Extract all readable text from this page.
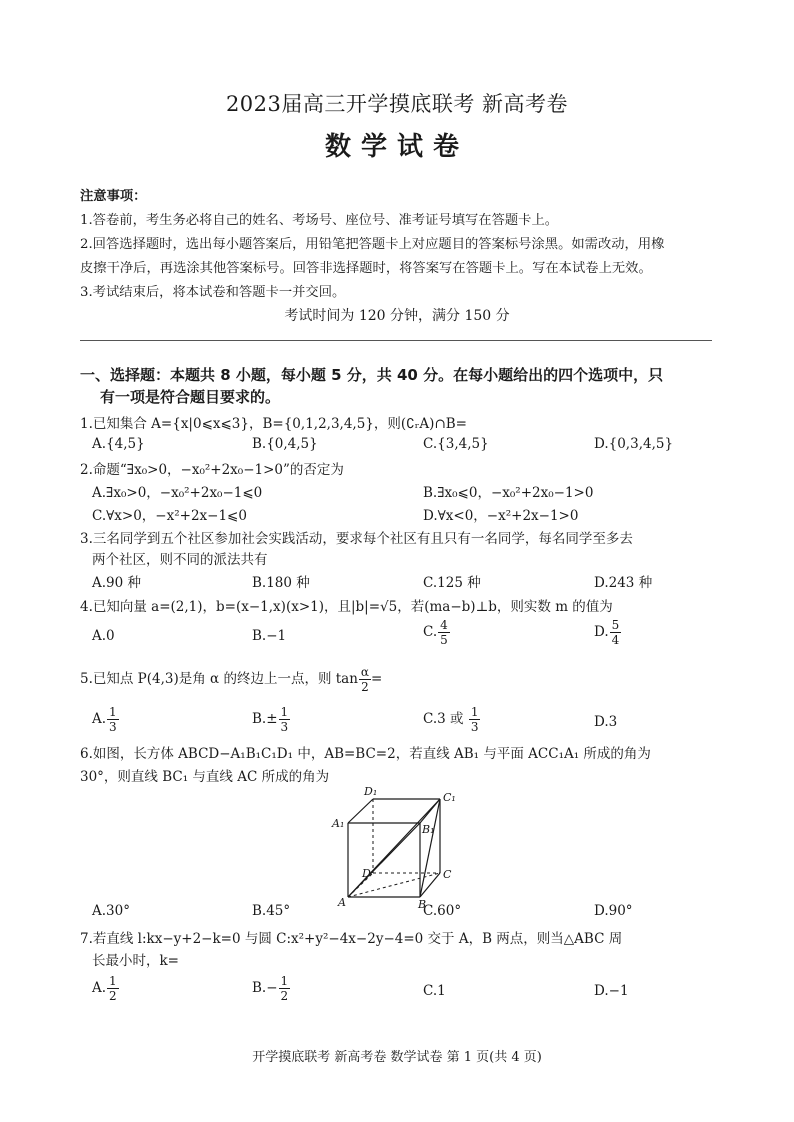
2023届高三开学摸底联考 新高考卷
数学试卷
注意事项：
1.答卷前，考生务必将自己的姓名、考场号、座位号、准考证号填写在答题卡上。
2.回答选择题时，选出每小题答案后，用铅笔把答题卡上对应题目的答案标号涂黑。如需改动，用橡
皮擦干净后，再选涂其他答案标号。回答非选择题时，将答案写在答题卡上。写在本试卷上无效。
3.考试结束后，将本试卷和答题卡一并交回。
考试时间为 120 分钟，满分 150 分
一、选择题：本题共 8 小题，每小题 5 分，共 40 分。在每小题给出的四个选项中，只
有一项是符合题目要求的。
1.已知集合 A={x|0⩽x⩽3}，B={0,1,2,3,4,5}，则(∁ᵣA)∩B=
A.{4,5}	B.{0,4,5}	C.{3,4,5}	D.{0,3,4,5}
2.命题“∃x₀>0，−x₀²+2x₀−1>0”的否定为
A.∃x₀>0，−x₀²+2x₀−1⩽0	B.∃x₀⩽0，−x₀²+2x₀−1>0
C.∀x>0，−x²+2x−1⩽0	D.∀x<0，−x²+2x−1>0
3.三名同学到五个社区参加社会实践活动，要求每个社区有且只有一名同学，每名同学至多去
两个社区，则不同的派法共有
A.90 种	B.180 种	C.125 种	D.243 种
4.已知向量 a=(2,1)，b=(x−1,x)(x>1)，且|b|=√5，若(ma−b)⊥b，则实数 m 的值为
A.0	B.−1	C. $\frac{4}{5}$	D. $\frac{5}{4}$
5.已知点 P(4,3)是角 α 的终边上一点，则 $\tan \frac{\alpha}{2}$ =
A. $\frac{1}{3}$	$B.\pm \frac{1}{3}$	C.3 或 $\frac{1}{3}$	D.3
6.如图，长方体 ABCD−A₁B₁C₁D₁ 中，AB=BC=2，若直线 AB₁ 与平面 ACC₁A₁ 所成的角为
30°，则直线 BC₁ 与直线 AC 所成的角为
D₁	C₁
A₁	B₁
D	C
A	B
A.30°	B.45°	C.60°	D.90°
7.若直线 l:kx−y+2−k=0 与圆 C:x²+y²−4x−2y−4=0 交于 A，B 两点，则当△ABC 周
长最小时，k=
A. $\frac{1}{2}$	$B.- \frac{1}{2}$	C.1	D.−1
开学摸底联考 新高考卷 数学试卷 第 1 页(共 4 页)
